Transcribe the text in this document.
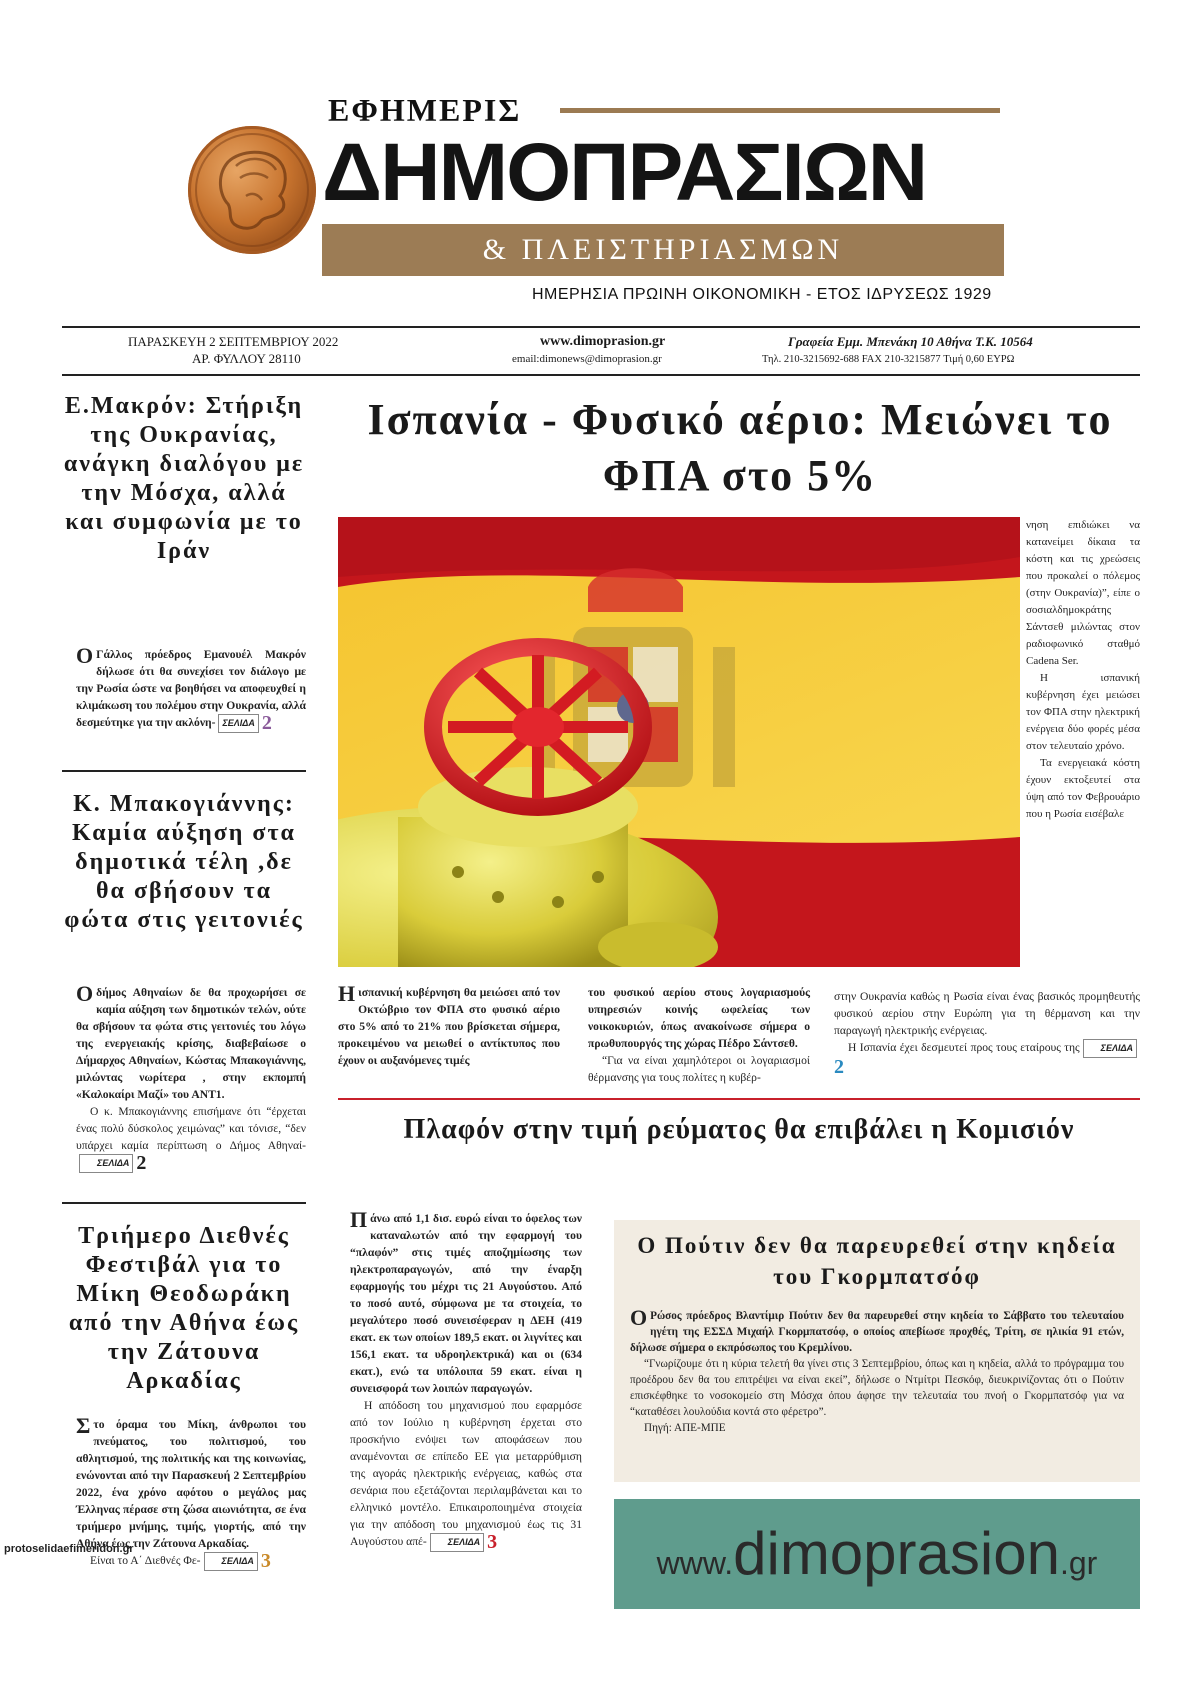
ΕΦΗΜΕΡΙΣ
ΔΗΜΟΠΡΑΣΙΩΝ
& ΠΛΕΙΣΤΗΡΙΑΣΜΩΝ
ΗΜΕΡΗΣΙΑ ΠΡΩΙΝΗ ΟΙΚΟΝΟΜΙΚΗ - ΕΤΟΣ ΙΔΡΥΣΕΩΣ 1929
ΠΑΡΑΣΚΕΥΗ 2 ΣΕΠΤΕΜΒΡΙΟΥ 2022
ΑΡ. ΦΥΛΛΟΥ 28110
www.dimoprasion.gr
email:dimonews@dimoprasion.gr
Γραφεία Εμμ. Μπενάκη 10 Αθήνα Τ.Κ. 10564
Τηλ. 210-3215692-688 FAX 210-3215877 Τιμή 0,60 ΕΥΡΩ
Ισπανία - Φυσικό αέριο: Μειώνει το ΦΠΑ στο 5%
Ηισπανική κυβέρνηση θα μειώσει από τον Οκτώβριο τον ΦΠΑ στο φυσικό αέριο στο 5% από το 21% που βρίσκεται σήμερα, προκειμένου να μειωθεί ο αντίκτυπος που έχουν οι αυξανόμενες τιμές

του φυσικού αερίου στους λογαριασμούς υπηρεσιών κοινής ωφελείας των νοικοκυριών, όπως ανακοίνωσε σήμερα ο πρωθυπουργός της χώρας Πέδρο Σάντσεθ.

“Για να είναι χαμηλότεροι οι λογαριασμοί θέρμανσης για τους πολίτες η κυβέρ-

στην Ουκρανία καθώς η Ρωσία είναι ένας βασικός προμηθευτής φυσικού αερίου στην Ευρώπη για τη θέρμανση και την παραγωγή ηλεκτρικής ενέργειας.

Η Ισπανία έχει δεσμευτεί προς τους εταίρους της ΣΕΛΙΔΑ2

νηση επιδιώκει να κατανείμει δίκαια τα κόστη και τις χρεώσεις που προκαλεί ο πόλεμος (στην Ουκρανία)”, είπε ο σοσιαλδημοκράτης Σάντσεθ μιλώντας στον ραδιοφωνικό σταθμό Cadena Ser.

Η ισπανική κυβέρνηση έχει μειώσει τον ΦΠΑ στην ηλεκτρική ενέργεια δύο φορές μέσα στον τελευταίο χρόνο.

Τα ενεργειακά κόστη έχουν εκτοξευτεί στα ύψη από τον Φεβρουάριο που η Ρωσία εισέβαλε

Ε.Μακρόν: Στήριξη της Ουκρανίας, ανάγκη διαλόγου με την Μόσχα, αλλά και συμφωνία με το Ιράν
Ο Γάλλος πρόεδρος Εμανουέλ Μακρόν δήλωσε ότι θα συνεχίσει τον διάλογο με την Ρωσία ώστε να βοηθήσει να αποφευχθεί η κλιμάκωση του πολέμου στην Ουκρανία, αλλά δεσμεύτηκε για την ακλόνη- ΣΕΛΙΔΑ 2
Κ. Μπακογιάννης: Καμία αύξηση στα δημοτικά τέλη ,δε θα σβήσουν τα φώτα στις γειτονιές
Οδήμος Αθηναίων δε θα προχωρήσει σε καμία αύξηση των δημοτικών τελών, ούτε θα σβήσουν τα φώτα στις γειτονιές του λόγω της ενεργειακής κρίσης, διαβεβαίωσε ο Δήμαρχος Αθηναίων, Κώστας Μπακογιάννης, μιλώντας νωρίτερα , στην εκπομπή «Καλοκαίρι Μαζί» του ΑΝΤ1.

Ο κ. Μπακογιάννης επισήμανε ότι “έρχεται ένας πολύ δύσκολος χειμώνας” και τόνισε, “δεν υπάρχει καμία περίπτωση ο Δήμος Αθηναί-ΣΕΛΙΔΑ 2

Τριήμερο Διεθνές Φεστιβάλ για το Μίκη Θεοδωράκη από την Αθήνα έως την Ζάτουνα Αρκαδίας
Στο όραμα του Μίκη, άνθρωποι του πνεύματος, του πολιτισμού, του αθλητισμού, της πολιτικής και της κοινωνίας, ενώνονται από την Παρασκευή 2 Σεπτεμβρίου 2022, ένα χρόνο αφότου ο μεγάλος μας Έλληνας πέρασε στη ζώσα αιωνιότητα, σε ένα τριήμερο μνήμης, τιμής, γιορτής, από την Αθήνα έως την Ζάτουνα Αρκαδίας.

Είναι το Α΄ Διεθνές Φε- ΣΕΛΙΔΑ 3

Πλαφόν στην τιμή ρεύματος θα επιβάλει η Κομισιόν
Πάνω από 1,1 δισ. ευρώ είναι το όφελος των καταναλωτών από την εφαρμογή του “πλαφόν” στις τιμές αποζημίωσης των ηλεκτροπαραγωγών, από την έναρξη εφαρμογής του μέχρι τις 21 Αυγούστου. Από το ποσό αυτό, σύμφωνα με τα στοιχεία, το μεγαλύτερο ποσό συνεισέφεραν η ΔΕΗ (419 εκατ. εκ των οποίων 189,5 εκατ. οι λιγνίτες και 156,1 εκατ. τα υδροηλεκτρικά) και οι (634 εκατ.), ενώ τα υπόλοιπα 59 εκατ. είναι η συνεισφορά των λοιπών παραγωγών.

Η απόδοση του μηχανισμού που εφαρμόσε από τον Ιούλιο η κυβέρνηση έρχεται στο προσκήνιο ενόψει των αποφάσεων που αναμένονται σε επίπεδο ΕΕ για μεταρρύθμιση της αγοράς ηλεκτρικής ενέργειας, καθώς στα σενάρια που εξετάζονται περιλαμβάνεται και το ελληνικό μοντέλο. Επικαιροποιημένα στοιχεία για την απόδοση του μηχανισμού έως τις 31 Αυγούστου απέ- ΣΕΛΙΔΑ 3

Ο Πούτιν δεν θα παρευρεθεί στην κηδεία του Γκορμπατσόφ
Ο Ρώσος πρόεδρος Βλαντίμιρ Πούτιν δεν θα παρευρεθεί στην κηδεία το Σάββατο του τελευταίου ηγέτη της ΕΣΣΔ Μιχαήλ Γκορμπατσόφ, ο οποίος απεβίωσε προχθές, Τρίτη, σε ηλικία 91 ετών, δήλωσε σήμερα ο εκπρόσωπος του Κρεμλίνου.

“Γνωρίζουμε ότι η κύρια τελετή θα γίνει στις 3 Σεπτεμβρίου, όπως και η κηδεία, αλλά το πρόγραμμα του προέδρου δεν θα του επιτρέψει να είναι εκεί”, δήλωσε ο Ντμίτρι Πεσκόφ, διευκρινίζοντας ότι ο Πούτιν επισκέφθηκε το νοσοκομείο στη Μόσχα όπου άφησε την τελευταία του πνοή ο Γκορμπατσόφ για να “καταθέσει λουλούδια κοντά στο φέρετρο”.

Πηγή: ΑΠΕ-ΜΠΕ

www.dimoprasion.gr
protoselidaefimeridon.gr
